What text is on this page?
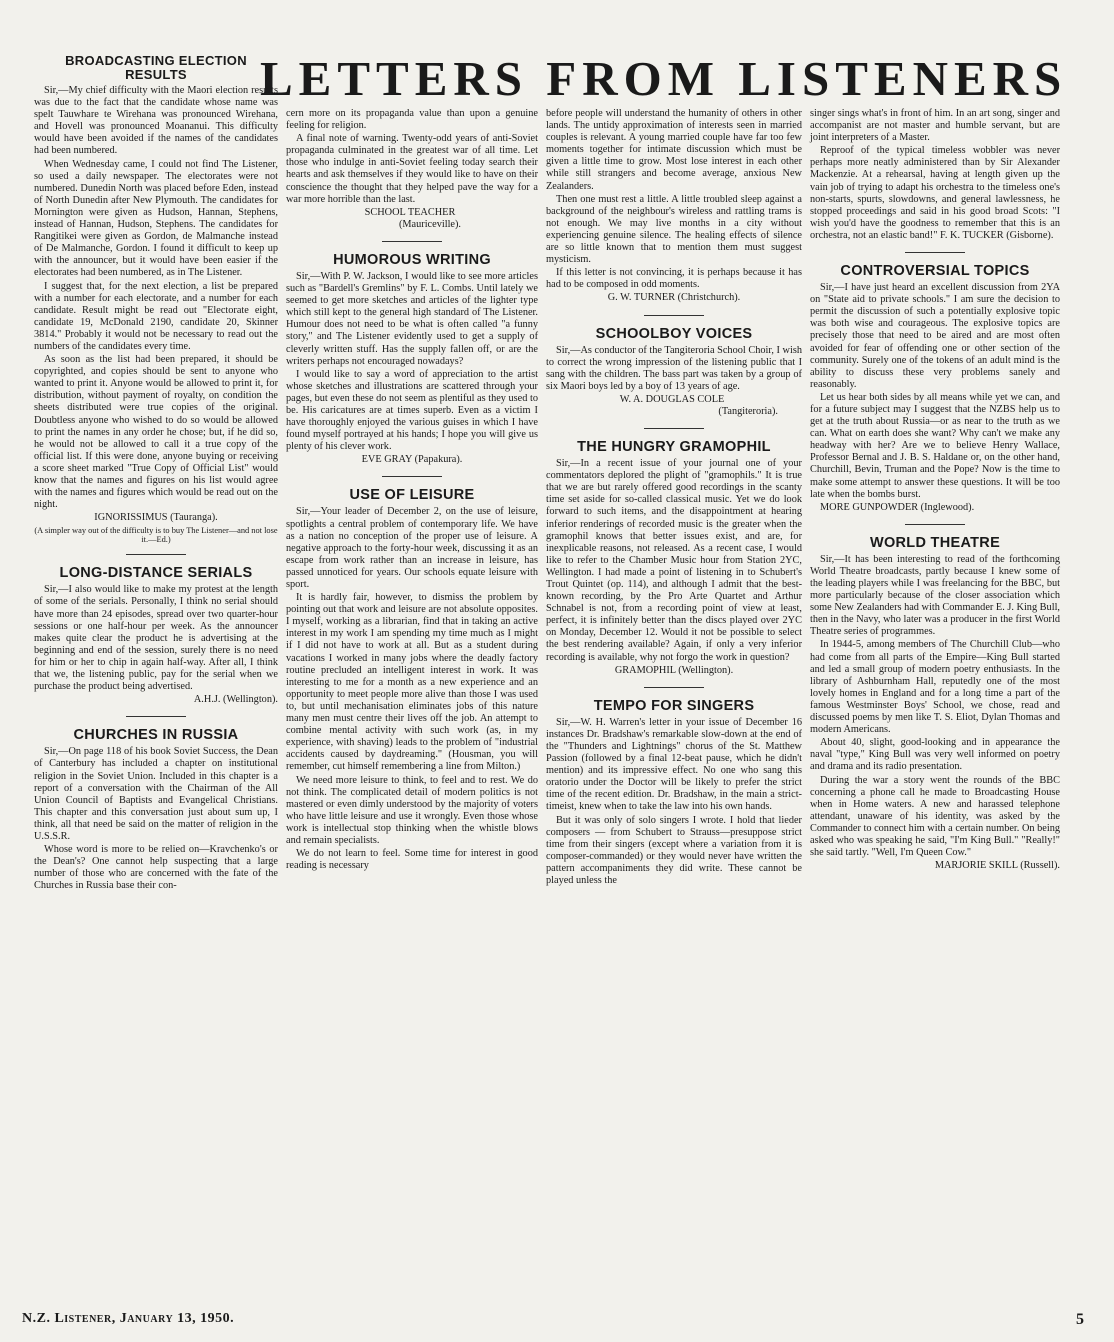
LETTERS FROM LISTENERS
BROADCASTING ELECTION
RESULTS

Sir,—My chief difficulty with the Maori election results was due to the fact that the candidate whose name was spelt Tauwhare te Wirehana was pronounced Wirehana, and Hovell was pronounced Moananui. This difficulty would have been avoided if the names of the candidates had been numbered.

When Wednesday came, I could not find The Listener, so used a daily newspaper. The electorates were not numbered. Dunedin North was placed before Eden, instead of North Dunedin after New Plymouth. The candidates for Mornington were given as Hudson, Hannan, Stephens, instead of Hannan, Hudson, Stephens. The candidates for Rangitikei were given as Gordon, de Malmanche instead of De Malmanche, Gordon. I found it difficult to keep up with the announcer, but it would have been easier if the electorates had been numbered, as in The Listener.

I suggest that, for the next election, a list be prepared with a number for each electorate, and a number for each candidate. Result might be read out "Electorate eight, candidate 19, McDonald 2190, candidate 20, Skinner 3814." Probably it would not be necessary to read out the numbers of the candidates every time.

As soon as the list had been prepared, it should be copyrighted, and copies should be sent to anyone who wanted to print it. Anyone would be allowed to print it, for distribution, without payment of royalty, on condition the sheets distributed were true copies of the original. Doubtless anyone who wished to do so would be allowed to print the names in any order he chose; but, if he did so, he would not be allowed to call it a true copy of the official list. If this were done, anyone buying or receiving a score sheet marked "True Copy of Official List" would know that the names and figures on his list would agree with the names and figures which would be read out on the night.

IGNORISSIMUS (Tauranga).
(A simpler way out of the difficulty is to buy The Listener—and not lose it.—Ed.)
LONG-DISTANCE SERIALS

Sir,—I also would like to make my protest at the length of some of the serials. Personally, I think no serial should have more than 24 episodes, spread over two quarter-hour sessions or one half-hour per week. As the announcer makes quite clear the product he is advertising at the beginning and end of the session, surely there is no need for him or her to chip in again half-way. After all, I think that we, the listening public, pay for the serial when we purchase the product being advertised.

A.H.J. (Wellington).
CHURCHES IN RUSSIA

Sir,—On page 118 of his book Soviet Success, the Dean of Canterbury has included a chapter on institutional religion in the Soviet Union. Included in this chapter is a report of a conversation with the Chairman of the All Union Council of Baptists and Evangelical Christians. This chapter and this conversation just about sum up, I think, all that need be said on the matter of religion in the U.S.S.R.

Whose word is more to be relied on—Kravchenko's or the Dean's? One cannot help suspecting that a large number of those who are concerned with the fate of the Churches in Russia base their con-

cern more on its propaganda value than upon a genuine feeling for religion.

A final note of warning. Twenty-odd years of anti-Soviet propaganda culminated in the greatest war of all time. Let those who indulge in anti-Soviet feeling today search their hearts and ask themselves if they would like to have on their conscience the thought that they helped pave the way for a war more horrible than the last.

SCHOOL TEACHER
(Mauriceville).
HUMOROUS WRITING

Sir,—With P. W. Jackson, I would like to see more articles such as "Bardell's Gremlins" by F. L. Combs. Until lately we seemed to get more sketches and articles of the lighter type which still kept to the general high standard of The Listener. Humour does not need to be what is often called "a funny story," and The Listener evidently used to get a supply of cleverly written stuff. Has the supply fallen off, or are the writers perhaps not encouraged nowadays?

I would like to say a word of appreciation to the artist whose sketches and illustrations are scattered through your pages, but even these do not seem as plentiful as they used to be. His caricatures are at times superb. Even as a victim I have thoroughly enjoyed the various guises in which I have found myself portrayed at his hands; I hope you will give us plenty of his clever work.

EVE GRAY (Papakura).
USE OF LEISURE

Sir,—Your leader of December 2, on the use of leisure, spotlights a central problem of contemporary life. We have as a nation no conception of the proper use of leisure. A negative approach to the forty-hour week, discussing it as an escape from work rather than an increase in leisure, has passed unnoticed for years. Our schools equate leisure with sport.

It is hardly fair, however, to dismiss the problem by pointing out that work and leisure are not absolute opposites. I myself, working as a librarian, find that in taking an active interest in my work I am spending my time much as I might if I did not have to work at all. But as a student during vacations I worked in many jobs where the deadly factory routine precluded an intelligent interest in work. It was interesting to me for a month as a new experience and an opportunity to meet people more alive than those I was used to, but until mechanisation eliminates jobs of this nature many men must centre their lives off the job. An attempt to combine mental activity with such work (as, in my experience, with shaving) leads to the problem of "industrial accidents caused by daydreaming." (Housman, you will remember, cut himself remembering a line from Milton.)

We need more leisure to think, to feel and to rest. We do not think. The complicated detail of modern politics is not mastered or even dimly understood by the majority of voters who have little leisure and use it wrongly. Even those whose work is intellectual stop thinking when the whistle blows and remain specialists.

We do not learn to feel. Some time for interest in good reading is necessary

before people will understand the humanity of others in other lands. The untidy approximation of interests seen in married couples is relevant. A young married couple have far too few moments together for intimate discussion which must be given a little time to grow. Most lose interest in each other while still strangers and become average, anxious New Zealanders.

Then one must rest a little. A little troubled sleep against a background of the neighbour's wireless and rattling trams is not enough. We may live months in a city without experiencing genuine silence. The healing effects of silence are so little known that to mention them must suggest mysticism.

If this letter is not convincing, it is perhaps because it has had to be composed in odd moments.

G. W. TURNER (Christchurch).
SCHOOLBOY VOICES

Sir,—As conductor of the Tangiteroria School Choir, I wish to correct the wrong impression of the listening public that I sang with the children. The bass part was taken by a group of six Maori boys led by a boy of 13 years of age.

W. A. DOUGLAS COLE
(Tangiteroria).
THE HUNGRY GRAMOPHIL

Sir,—In a recent issue of your journal one of your commentators deplored the plight of "gramophils." It is true that we are but rarely offered good recordings in the scanty time set aside for so-called classical music. Yet we do look forward to such items, and the disappointment at hearing inferior renderings of recorded music is the greater when the gramophil knows that better issues exist, and are, for inexplicable reasons, not released. As a recent case, I would like to refer to the Chamber Music hour from Station 2YC, Wellington. I had made a point of listening in to Schubert's Trout Quintet (op. 114), and although I admit that the best-known recording, by the Pro Arte Quartet and Arthur Schnabel is not, from a recording point of view at least, perfect, it is infinitely better than the discs played over 2YC on Monday, December 12. Would it not be possible to select the best rendering available? Again, if only a very inferior recording is available, why not forgo the work in question?

GRAMOPHIL (Wellington).
TEMPO FOR SINGERS

Sir,—W. H. Warren's letter in your issue of December 16 instances Dr. Bradshaw's remarkable slow-down at the end of the "Thunders and Lightnings" chorus of the St. Matthew Passion (followed by a final 12-beat pause, which he didn't mention) and its impressive effect. No one who sang this oratorio under the Doctor will be likely to prefer the strict time of the recent edition. Dr. Bradshaw, in the main a strict-timeist, knew when to take the law into his own hands.

But it was only of solo singers I wrote. I hold that lieder composers — from Schubert to Strauss—presuppose strict time from their singers (except where a variation from it is composer-commanded) or they would never have written the pattern accompaniments they did write. These cannot be played unless the

singer sings what's in front of him. In an art song, singer and accompanist are not master and humble servant, but are joint interpreters of a Master.

Reproof of the typical timeless wobbler was never perhaps more neatly administered than by Sir Alexander Mackenzie. At a rehearsal, having at length given up the vain job of trying to adapt his orchestra to the timeless one's non-starts, spurts, slowdowns, and general lawlessness, he stopped proceedings and said in his good broad Scots: "I wish you'd have the goodness to remember that this is an orchestra, not an elastic band!" F. K. TUCKER (Gisborne).

CONTROVERSIAL TOPICS

Sir,—I have just heard an excellent discussion from 2YA on "State aid to private schools." I am sure the decision to permit the discussion of such a potentially explosive topic was both wise and courageous. The explosive topics are precisely those that need to be aired and are most often avoided for fear of offending one or other section of the community. Surely one of the tokens of an adult mind is the ability to discuss these very problems sanely and reasonably.

Let us hear both sides by all means while yet we can, and for a future subject may I suggest that the NZBS help us to get at the truth about Russia—or as near to the truth as we can. What on earth does she want? Why can't we make any headway with her? Are we to believe Henry Wallace, Professor Bernal and J. B. S. Haldane or, on the other hand, Churchill, Bevin, Truman and the Pope? Now is the time to make some attempt to answer these questions. It will be too late when the bombs burst.

MORE GUNPOWDER (Inglewood).
WORLD THEATRE

Sir,—It has been interesting to read of the forthcoming World Theatre broadcasts, partly because I knew some of the leading players while I was freelancing for the BBC, but more particularly because of the closer association which some New Zealanders had with Commander E. J. King Bull, then in the Navy, who later was a producer in the first World Theatre series of programmes.

In 1944-5, among members of The Churchill Club—who had come from all parts of the Empire—King Bull started and led a small group of modern poetry enthusiasts. In the library of Ashburnham Hall, reputedly one of the most lovely homes in England and for a long time a part of the famous Westminster Boys' School, we chose, read and discussed poems by men like T. S. Eliot, Dylan Thomas and modern Americans.

About 40, slight, good-looking and in appearance the naval "type," King Bull was very well informed on poetry and drama and its radio presentation.

During the war a story went the rounds of the BBC concerning a phone call he made to Broadcasting House when in Home waters. A new and harassed telephone attendant, unaware of his identity, was asked by the Commander to connect him with a certain number. On being asked who was speaking he said, "I'm King Bull." "Really!" she said tartly. "Well, I'm Queen Cow."

MARJORIE SKILL (Russell).
N.Z. Listener, January 13, 1950.	5
